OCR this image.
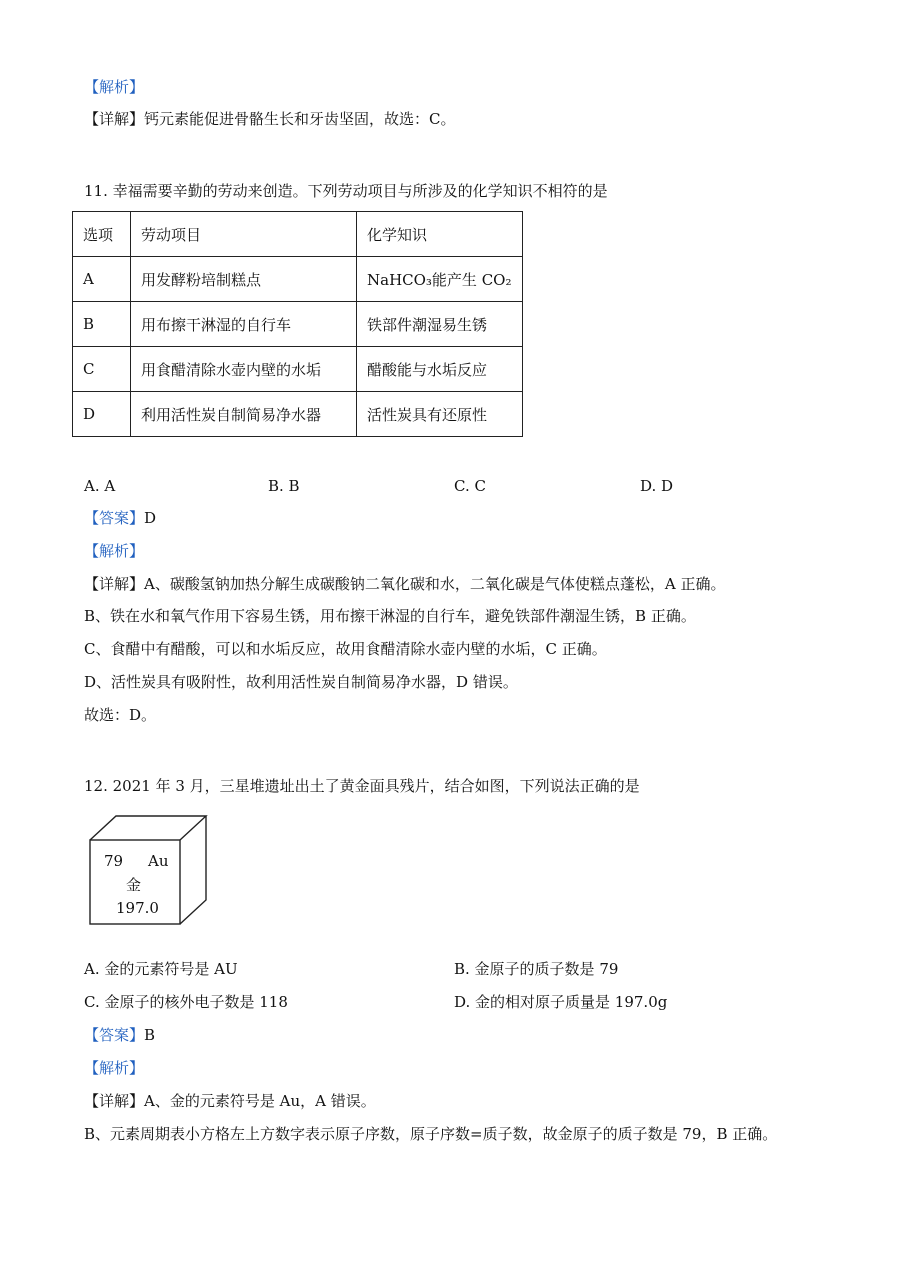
【解析】
【详解】钙元素能促进骨骼生长和牙齿坚固，故选：C。
11. 幸福需要辛勤的劳动来创造。下列劳动项目与所涉及的化学知识不相符的是
选项	劳动项目	化学知识
A	用发酵粉培制糕点	NaHCO₃能产生 CO₂
B	用布擦干淋湿的自行车	铁部件潮湿易生锈
C	用食醋清除水壶内壁的水垢	醋酸能与水垢反应
D	利用活性炭自制简易净水器	活性炭具有还原性
A. A	B. B	C. C	D. D
【答案】D
【解析】
【详解】A、碳酸氢钠加热分解生成碳酸钠二氧化碳和水，二氧化碳是气体使糕点蓬松，A 正确。
B、铁在水和氧气作用下容易生锈，用布擦干淋湿的自行车，避免铁部件潮湿生锈，B 正确。
C、食醋中有醋酸，可以和水垢反应，故用食醋清除水壶内壁的水垢，C 正确。
D、活性炭具有吸附性，故利用活性炭自制简易净水器，D 错误。
故选：D。
12. 2021 年 3 月，三星堆遗址出土了黄金面具残片，结合如图，下列说法正确的是
79 Au
金
197.0
A. 金的元素符号是 AU	B. 金原子的质子数是 79
C. 金原子的核外电子数是 118	D. 金的相对原子质量是 197.0g
【答案】B
【解析】
【详解】A、金的元素符号是 Au，A 错误。
B、元素周期表小方格左上方数字表示原子序数，原子序数=质子数，故金原子的质子数是 79，B 正确。
